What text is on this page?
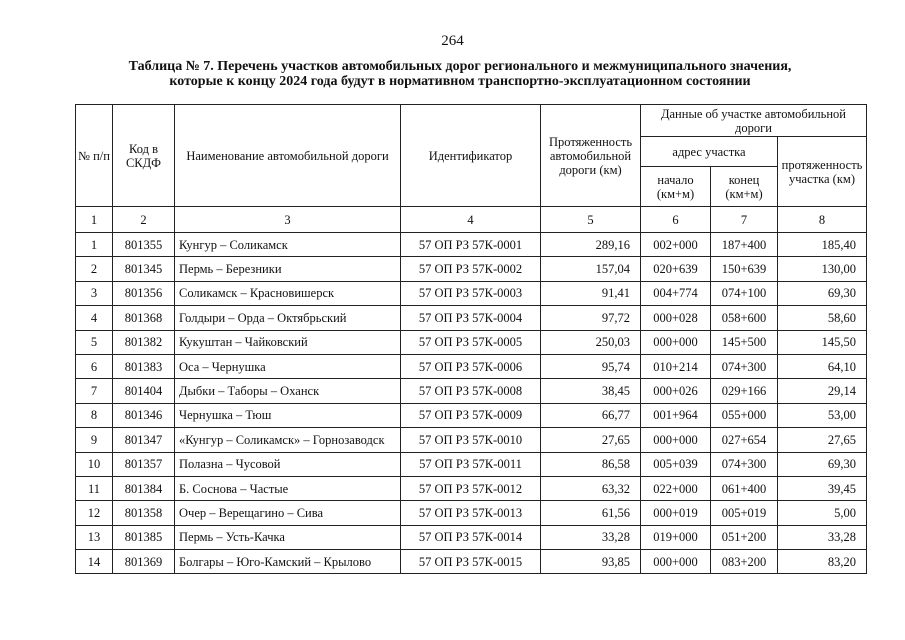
264
Таблица № 7. Перечень участков автомобильных дорог регионального и межмуниципального значения,
которые к концу 2024 года будут в нормативном транспортно-эксплуатационном состоянии
№ п/п	Код в СКДФ	Наименование автомобильной дороги	Идентификатор	Протяженность автомобильной дороги (км)	Данные об участке автомобильной дороги		
					адрес участка		протяженность участка (км)
					начало (км+м)	конец (км+м)	
1	2	3	4	5	6	7	8
1	801355	Кунгур – Соликамск	57 ОП РЗ 57К-0001	289,16	002+000	187+400	185,40
2	801345	Пермь – Березники	57 ОП РЗ 57К-0002	157,04	020+639	150+639	130,00
3	801356	Соликамск – Красновишерск	57 ОП РЗ 57К-0003	91,41	004+774	074+100	69,30
4	801368	Голдыри – Орда – Октябрьский	57 ОП РЗ 57К-0004	97,72	000+028	058+600	58,60
5	801382	Кукуштан – Чайковский	57 ОП РЗ 57К-0005	250,03	000+000	145+500	145,50
6	801383	Оса – Чернушка	57 ОП РЗ 57К-0006	95,74	010+214	074+300	64,10
7	801404	Дыбки – Таборы – Оханск	57 ОП РЗ 57К-0008	38,45	000+026	029+166	29,14
8	801346	Чернушка – Тюш	57 ОП РЗ 57К-0009	66,77	001+964	055+000	53,00
9	801347	«Кунгур – Соликамск» – Горнозаводск	57 ОП РЗ 57К-0010	27,65	000+000	027+654	27,65
10	801357	Полазна – Чусовой	57 ОП РЗ 57К-0011	86,58	005+039	074+300	69,30
11	801384	Б. Соснова – Частые	57 ОП РЗ 57К-0012	63,32	022+000	061+400	39,45
12	801358	Очер – Верещагино – Сива	57 ОП РЗ 57К-0013	61,56	000+019	005+019	5,00
13	801385	Пермь – Усть-Качка	57 ОП РЗ 57К-0014	33,28	019+000	051+200	33,28
14	801369	Болгары – Юго-Камский – Крылово	57 ОП РЗ 57К-0015	93,85	000+000	083+200	83,20
